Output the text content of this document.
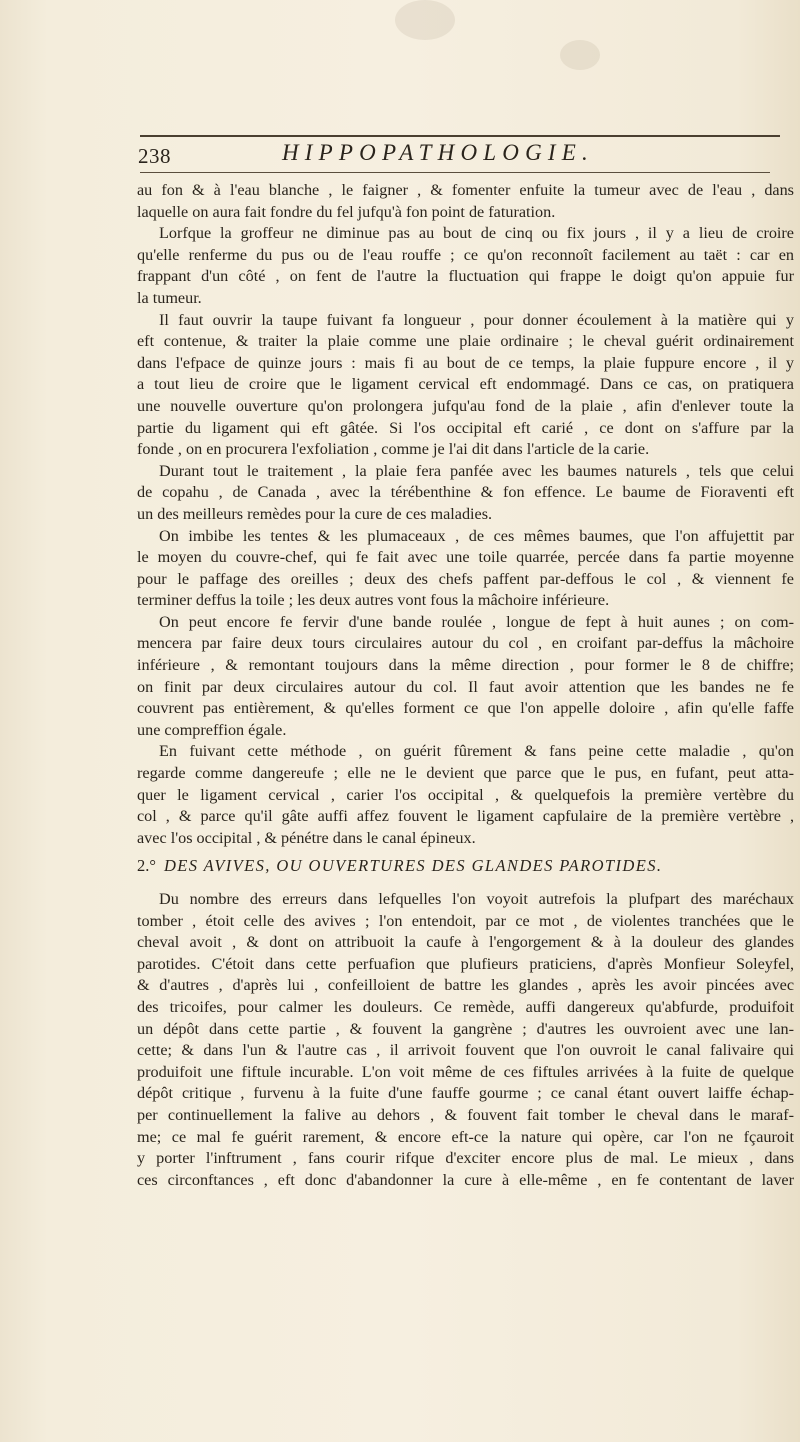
238	HIPPOPATHOLOGIE.
au fon & à l'eau blanche , le faigner , & fomenter enfuite la tumeur avec de l'eau , dans
laquelle on aura fait fondre du fel jufqu'à fon point de faturation.
Lorfque la groffeur ne diminue pas au bout de cinq ou fix jours , il y a lieu de croire
qu'elle renferme du pus ou de l'eau rouffe ; ce qu'on reconnoît facilement au taët : car en
frappant d'un côté , on fent de l'autre la fluctuation qui frappe le doigt qu'on appuie fur
la tumeur.
Il faut ouvrir la taupe fuivant fa longueur , pour donner écoulement à la matière qui y
eft contenue, & traiter la plaie comme une plaie ordinaire ; le cheval guérit ordinairement
dans l'efpace de quinze jours : mais fi au bout de ce temps, la plaie fuppure encore , il y
a tout lieu de croire que le ligament cervical eft endommagé. Dans ce cas, on pratiquera
une nouvelle ouverture qu'on prolongera jufqu'au fond de la plaie , afin d'enlever toute la
partie du ligament qui eft gâtée. Si l'os occipital eft carié , ce dont on s'affure par la
fonde , on en procurera l'exfoliation , comme je l'ai dit dans l'article de la carie.
Durant tout le traitement , la plaie fera panfée avec les baumes naturels , tels que celui
de copahu , de Canada , avec la térébenthine & fon effence. Le baume de Fioraventi eft
un des meilleurs remèdes pour la cure de ces maladies.
On imbibe les tentes & les plumaceaux , de ces mêmes baumes, que l'on affujettit par
le moyen du couvre-chef, qui fe fait avec une toile quarrée, percée dans fa partie moyenne
pour le paffage des oreilles ; deux des chefs paffent par-deffous le col , & viennent fe
terminer deffus la toile ; les deux autres vont fous la mâchoire inférieure.
On peut encore fe fervir d'une bande roulée , longue de fept à huit aunes ; on com-
mencera par faire deux tours circulaires autour du col , en croifant par-deffus la mâchoire
inférieure , & remontant toujours dans la même direction , pour former le 8 de chiffre;
on finit par deux circulaires autour du col. Il faut avoir attention que les bandes ne fe
couvrent pas entièrement, & qu'elles forment ce que l'on appelle doloire , afin qu'elle faffe
une compreffion égale.
En fuivant cette méthode , on guérit fûrement & fans peine cette maladie , qu'on
regarde comme dangereufe ; elle ne le devient que parce que le pus, en fufant, peut atta-
quer le ligament cervical , carier l'os occipital , & quelquefois la première vertèbre du
col , & parce qu'il gâte auffi affez fouvent le ligament capfulaire de la première vertèbre ,
avec l'os occipital , & pénétre dans le canal épineux.
2.° DES AVIVES, OU OUVERTURES DES GLANDES PAROTIDES.
Du nombre des erreurs dans lefquelles l'on voyoit autrefois la plufpart des maréchaux
tomber , étoit celle des avives ; l'on entendoit, par ce mot , de violentes tranchées que le
cheval avoit , & dont on attribuoit la caufe à l'engorgement & à la douleur des glandes
parotides. C'étoit dans cette perfuafion que plufieurs praticiens, d'après Monfieur Soleyfel,
& d'autres , d'après lui , confeilloient de battre les glandes , après les avoir pincées avec
des tricoifes, pour calmer les douleurs. Ce remède, auffi dangereux qu'abfurde, produifoit
un dépôt dans cette partie , & fouvent la gangrène ; d'autres les ouvroient avec une lan-
cette; & dans l'un & l'autre cas , il arrivoit fouvent que l'on ouvroit le canal falivaire qui
produifoit une fiftule incurable. L'on voit même de ces fiftules arrivées à la fuite de quelque
dépôt critique , furvenu à la fuite d'une fauffe gourme ; ce canal étant ouvert laiffe échap-
per continuellement la falive au dehors , & fouvent fait tomber le cheval dans le maraf-
me; ce mal fe guérit rarement, & encore eft-ce la nature qui opère, car l'on ne fçauroit
y porter l'inftrument , fans courir rifque d'exciter encore plus de mal. Le mieux , dans
ces circonftances , eft donc d'abandonner la cure à elle-même , en fe contentant de laver
